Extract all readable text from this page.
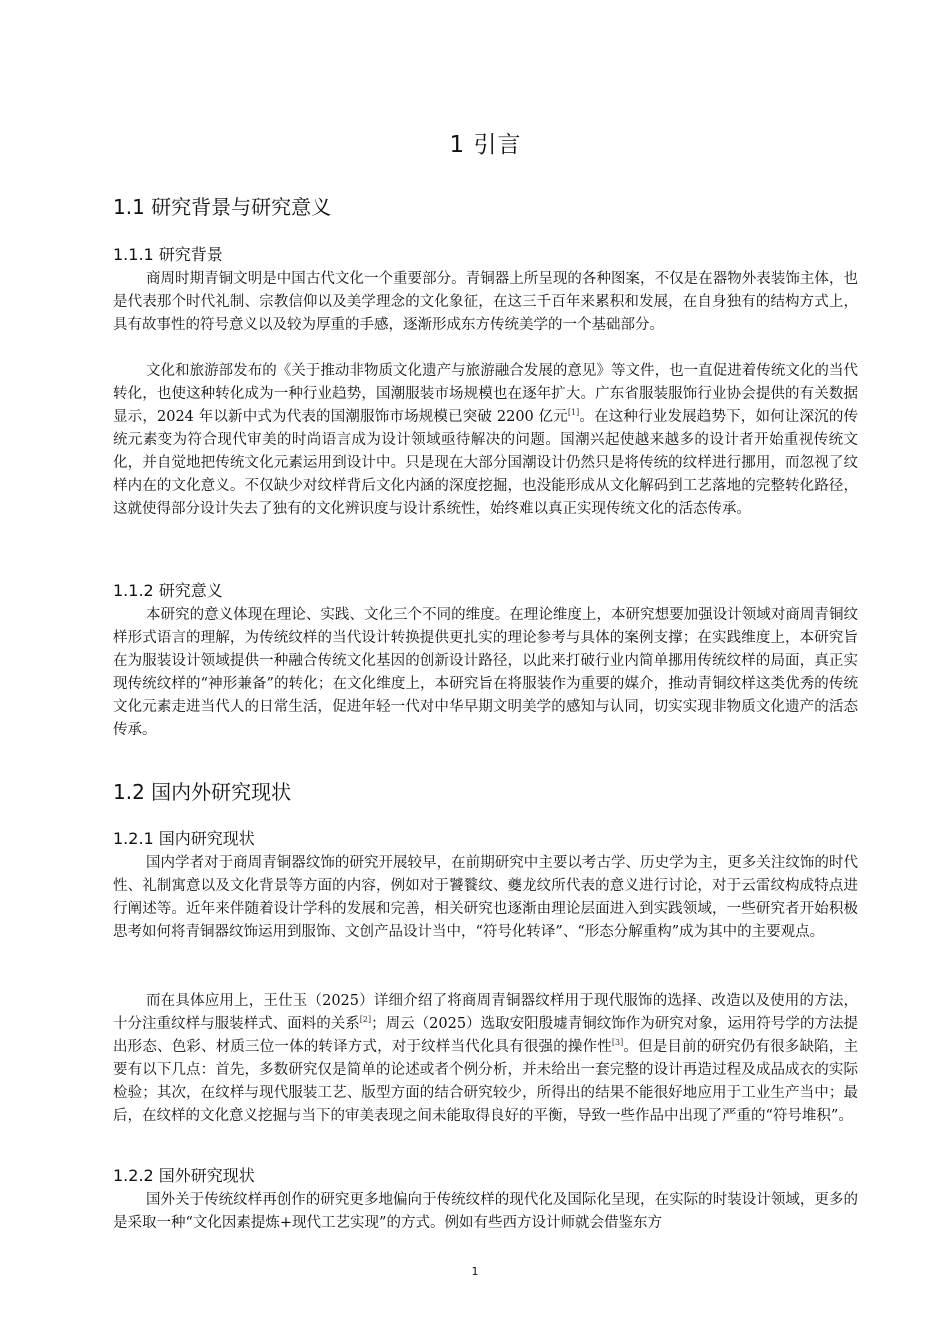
1 引言
1.1 研究背景与研究意义
1.1.1 研究背景

商周时期青铜文明是中国古代文化一个重要部分。青铜器上所呈现的各种图案，不仅是在器物外表装饰主体，也是代表那个时代礼制、宗教信仰以及美学理念的文化象征，在这三千百年来累积和发展，在自身独有的结构方式上，具有故事性的符号意义以及较为厚重的手感，逐渐形成东方传统美学的一个基础部分。

文化和旅游部发布的《关于推动非物质文化遗产与旅游融合发展的意见》等文件，也一直促进着传统文化的当代转化，也使这种转化成为一种行业趋势，国潮服装市场规模也在逐年扩大。广东省服装服饰行业协会提供的有关数据显示，2024 年以新中式为代表的国潮服饰市场规模已突破 2200 亿元[1]。在这种行业发展趋势下，如何让深沉的传统元素变为符合现代审美的时尚语言成为设计领域亟待解决的问题。国潮兴起使越来越多的设计者开始重视传统文化，并自觉地把传统文化元素运用到设计中。只是现在大部分国潮设计仍然只是将传统的纹样进行挪用，而忽视了纹样内在的文化意义。不仅缺少对纹样背后文化内涵的深度挖掘，也没能形成从文化解码到工艺落地的完整转化路径，这就使得部分设计失去了独有的文化辨识度与设计系统性，始终难以真正实现传统文化的活态传承。

1.1.2 研究意义

本研究的意义体现在理论、实践、文化三个不同的维度。在理论维度上，本研究想要加强设计领域对商周青铜纹样形式语言的理解，为传统纹样的当代设计转换提供更扎实的理论参考与具体的案例支撑；在实践维度上，本研究旨在为服装设计领域提供一种融合传统文化基因的创新设计路径，以此来打破行业内简单挪用传统纹样的局面，真正实现传统纹样的“神形兼备”的转化；在文化维度上，本研究旨在将服装作为重要的媒介，推动青铜纹样这类优秀的传统文化元素走进当代人的日常生活，促进年轻一代对中华早期文明美学的感知与认同，切实实现非物质文化遗产的活态传承。

1.2 国内外研究现状
1.2.1 国内研究现状

国内学者对于商周青铜器纹饰的研究开展较早，在前期研究中主要以考古学、历史学为主，更多关注纹饰的时代性、礼制寓意以及文化背景等方面的内容，例如对于饕餮纹、夔龙纹所代表的意义进行讨论，对于云雷纹构成特点进行阐述等。近年来伴随着设计学科的发展和完善，相关研究也逐渐由理论层面进入到实践领域，一些研究者开始积极思考如何将青铜器纹饰运用到服饰、文创产品设计当中，“符号化转译”、“形态分解重构”成为其中的主要观点。

而在具体应用上，王仕玉（2025）详细介绍了将商周青铜器纹样用于现代服饰的选择、改造以及使用的方法，十分注重纹样与服装样式、面料的关系[2]；周云（2025）选取安阳殷墟青铜纹饰作为研究对象，运用符号学的方法提出形态、色彩、材质三位一体的转译方式，对于纹样当代化具有很强的操作性[3]。但是目前的研究仍有很多缺陷，主要有以下几点：首先，多数研究仅是简单的论述或者个例分析，并未给出一套完整的设计再造过程及成品成衣的实际检验；其次，在纹样与现代服装工艺、版型方面的结合研究较少，所得出的结果不能很好地应用于工业生产当中；最后，在纹样的文化意义挖掘与当下的审美表现之间未能取得良好的平衡，导致一些作品中出现了严重的“符号堆积”。

1.2.2 国外研究现状

国外关于传统纹样再创作的研究更多地偏向于传统纹样的现代化及国际化呈现，在实际的时装设计领域，更多的是采取一种“文化因素提炼+现代工艺实现”的方式。例如有些西方设计师就会借鉴东方

1
